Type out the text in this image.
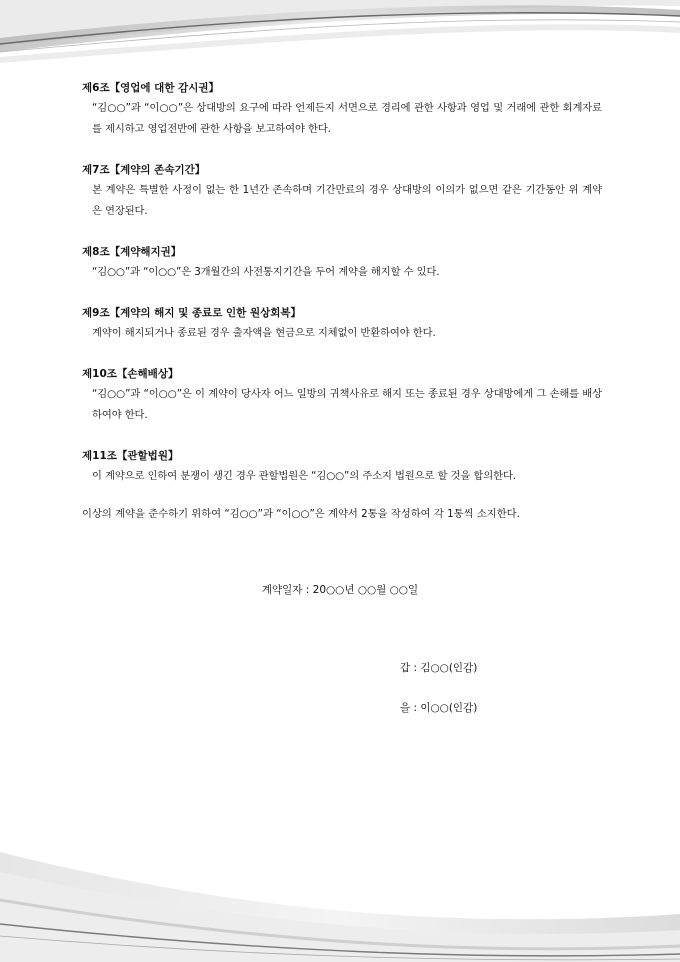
제6조【영업에 대한 감시권】

“김○○”과 “이○○”은 상대방의 요구에 따라 언제든지 서면으로 경리에 관한 사항과 영업 및 거래에 관한 회계자료를 제시하고 영업전반에 관한 사항을 보고하여야 한다.

제7조【계약의 존속기간】

본 계약은 특별한 사정이 없는 한 1년간 존속하며 기간만료의 경우 상대방의 이의가 없으면 같은 기간동안 위 계약은 연장된다.

제8조【계약해지권】

“김○○”과 “이○○”은 3개월간의 사전통지기간을 두어 계약을 해지할 수 있다.

제9조【계약의 해지 및 종료로 인한 원상회복】

계약이 해지되거나 종료된 경우 출자액을 현금으로 지체없이 반환하여야 한다.

제10조【손해배상】

“김○○”과 “이○○”은 이 계약이 당사자 어느 일방의 귀책사유로 해지 또는 종료된 경우 상대방에게 그 손해를 배상하여야 한다.

제11조【관할법원】

이 계약으로 인하여 분쟁이 생긴 경우 관할법원은 “김○○”의 주소지 법원으로 할 것을 합의한다.

이상의 계약을 준수하기 위하여 “김○○”과 “이○○”은 계약서 2통을 작성하여 각 1통씩 소지한다.

계약일자 : 20○○년 ○○월 ○○일

갑 : 김○○(인감)

을 : 이○○(인감)
